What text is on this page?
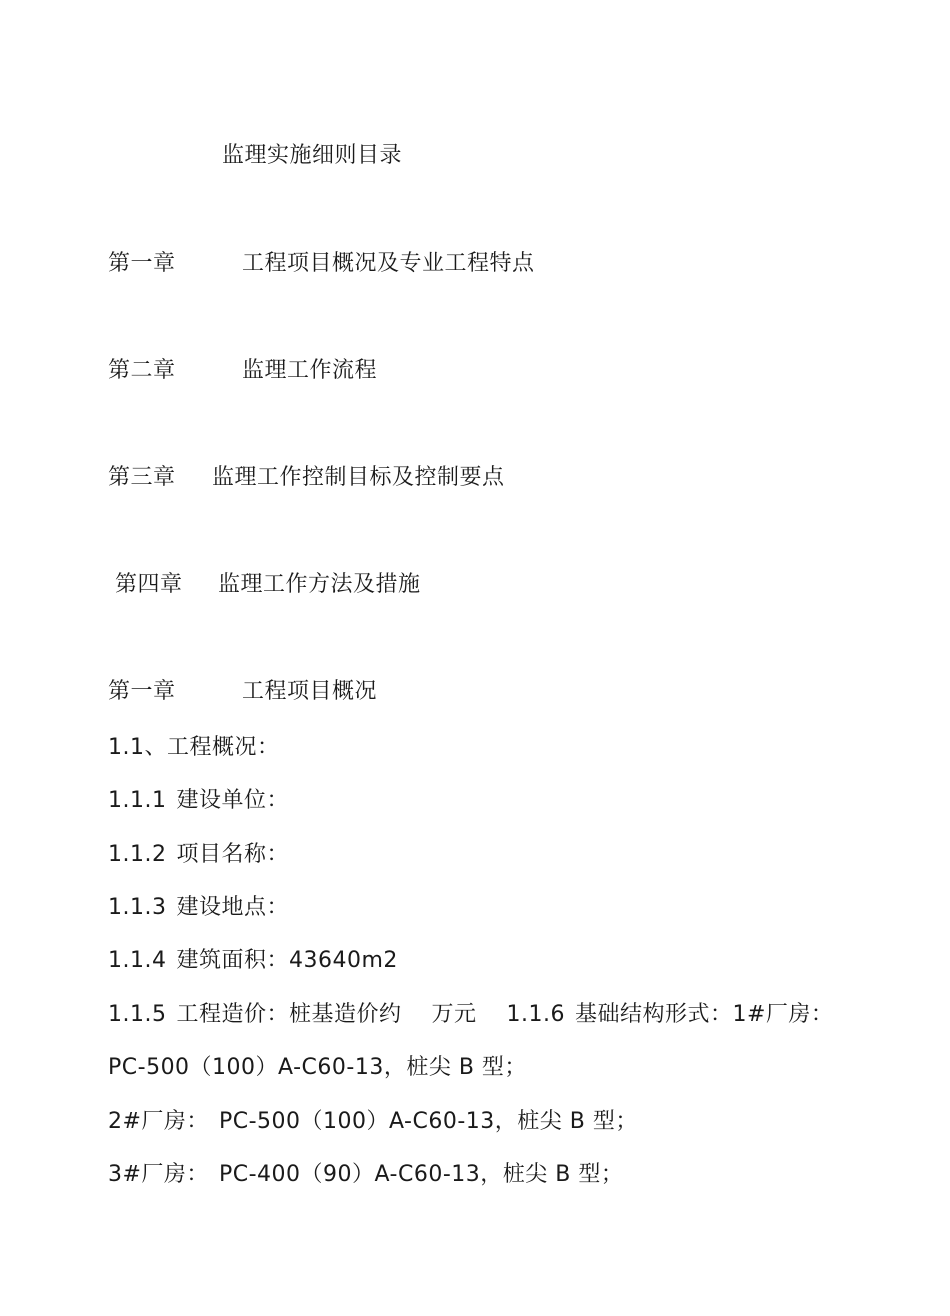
监理实施细则目录
第一章	工程项目概况及专业工程特点
第二章	监理工作流程
第三章 监理工作控制目标及控制要点
第四章 监理工作方法及措施
第一章	工程项目概况
1.1、工程概况：
1.1.1 建设单位：
1.1.2 项目名称：
1.1.3 建设地点：
1.1.4 建筑面积：43640m2
1.1.5 工程造价：桩基造价约 万元 1.1.6 基础结构形式：1#厂房：
PC-500（100）A-C60-13，桩尖 B 型；
2#厂房： PC-500（100）A-C60-13，桩尖 B 型；
3#厂房： PC-400（90）A-C60-13，桩尖 B 型；
